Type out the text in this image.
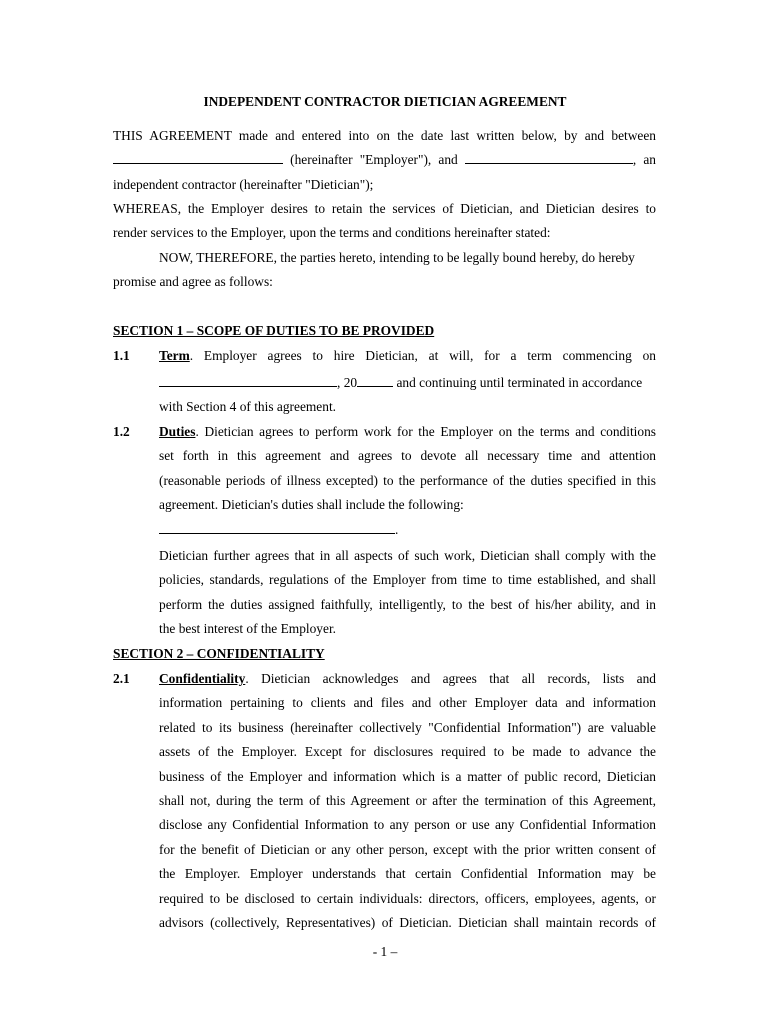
INDEPENDENT CONTRACTOR DIETICIAN AGREEMENT
THIS AGREEMENT made and entered into on the date last written below, by and between
(hereinafter "Employer"), and	, an
independent contractor (hereinafter "Dietician");
WHEREAS, the Employer desires to retain the services of Dietician, and Dietician desires to
render services to the Employer, upon the terms and conditions hereinafter stated:
NOW, THEREFORE, the parties hereto, intending to be legally bound hereby, do hereby
promise and agree as follows:
SECTION 1 – SCOPE OF DUTIES TO BE PROVIDED
1.1 Term. Employer agrees to hire Dietician, at will, for a term commencing on
, 20	and continuing until terminated in accordance
with Section 4 of this agreement.
1.2 Duties. Dietician agrees to perform work for the Employer on the terms and conditions
set forth in this agreement and agrees to devote all necessary time and attention
(reasonable periods of illness excepted) to the performance of the duties specified in this
agreement. Dietician's duties shall include the following:
.
Dietician further agrees that in all aspects of such work, Dietician shall comply with the
policies, standards, regulations of the Employer from time to time established, and shall
perform the duties assigned faithfully, intelligently, to the best of his/her ability, and in
the best interest of the Employer.
SECTION 2 – CONFIDENTIALITY
2.1 Confidentiality. Dietician acknowledges and agrees that all records, lists and
information pertaining to clients and files and other Employer data and information
related to its business (hereinafter collectively "Confidential Information") are valuable
assets of the Employer. Except for disclosures required to be made to advance the
business of the Employer and information which is a matter of public record, Dietician
shall not, during the term of this Agreement or after the termination of this Agreement,
disclose any Confidential Information to any person or use any Confidential Information
for the benefit of Dietician or any other person, except with the prior written consent of
the Employer. Employer understands that certain Confidential Information may be
required to be disclosed to certain individuals: directors, officers, employees, agents, or
advisors (collectively, Representatives) of Dietician. Dietician shall maintain records of
- 1 –
